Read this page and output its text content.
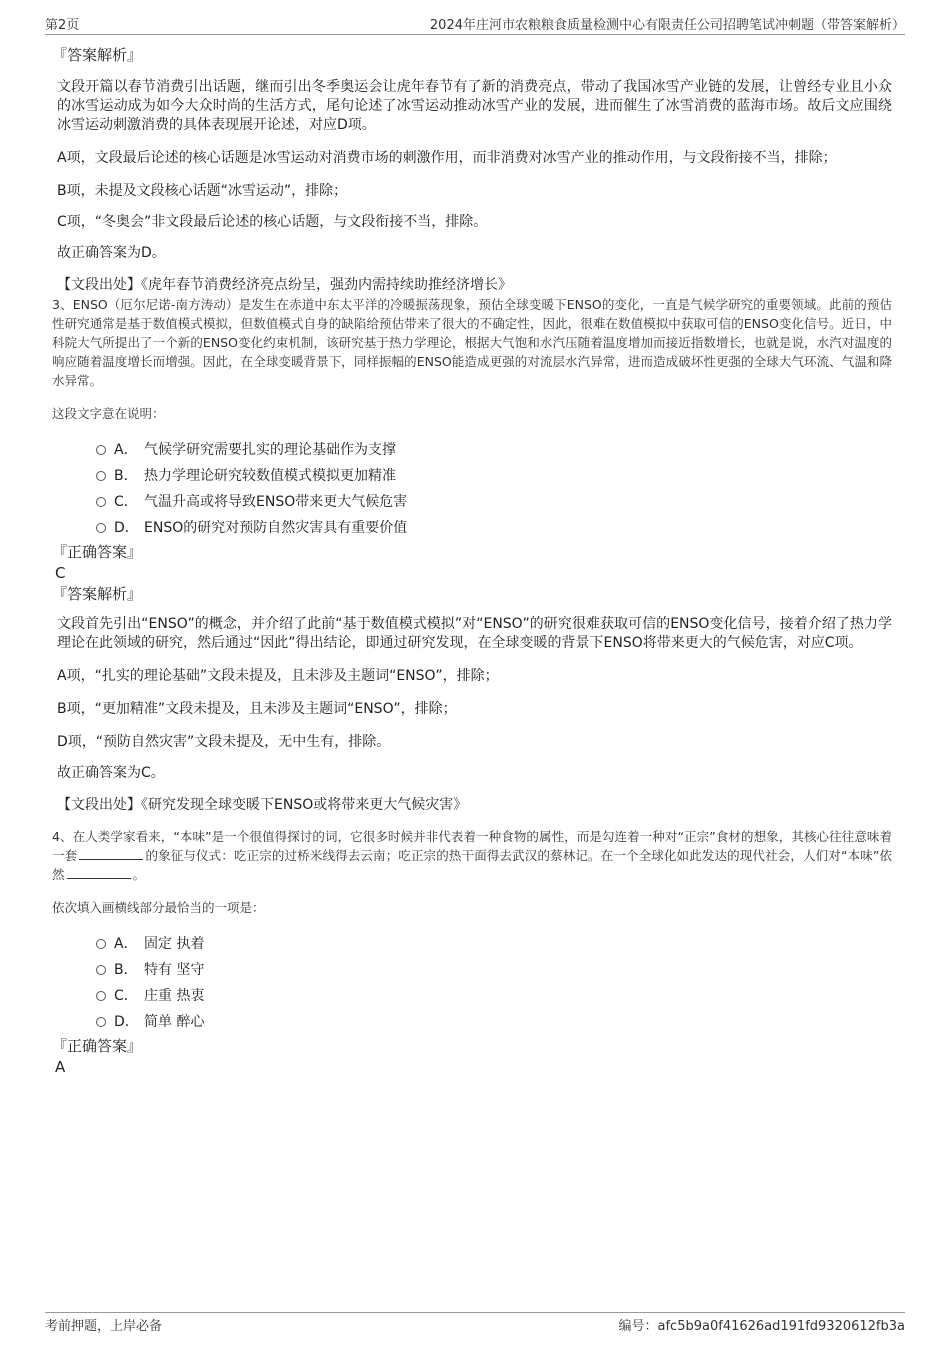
第2页	2024年庄河市农粮粮食质量检测中心有限责任公司招聘笔试冲刺题（带答案解析）

『答案解析』

文段开篇以春节消费引出话题，继而引出冬季奥运会让虎年春节有了新的消费亮点，带动了我国冰雪产业链的发展，让曾经专业且小众的冰雪运动成为如今大众时尚的生活方式，尾句论述了冰雪运动推动冰雪产业的发展，进而催生了冰雪消费的蓝海市场。故后文应围绕冰雪运动刺激消费的具体表现展开论述，对应D项。

A项，文段最后论述的核心话题是冰雪运动对消费市场的刺激作用，而非消费对冰雪产业的推动作用，与文段衔接不当，排除；

B项，未提及文段核心话题“冰雪运动”，排除；

C项，“冬奥会”非文段最后论述的核心话题，与文段衔接不当，排除。

故正确答案为D。

【文段出处】《虎年春节消费经济亮点纷呈，强劲内需持续助推经济增长》

3、ENSO（厄尔尼诺-南方涛动）是发生在赤道中东太平洋的冷暖振荡现象，预估全球变暖下ENSO的变化，一直是气候学研究的重要领域。此前的预估性研究通常是基于数值模式模拟，但数值模式自身的缺陷给预估带来了很大的不确定性，因此，很难在数值模拟中获取可信的ENSO变化信号。近日，中科院大气所提出了一个新的ENSO变化约束机制，该研究基于热力学理论，根据大气饱和水汽压随着温度增加而接近指数增长，也就是说，水汽对温度的响应随着温度增长而增强。因此，在全球变暖背景下，同样振幅的ENSO能造成更强的对流层水汽异常，进而造成破坏性更强的全球大气环流、气温和降水异常。

这段文字意在说明：

A． 气候学研究需要扎实的理论基础作为支撑
B． 热力学理论研究较数值模式模拟更加精准
C． 气温升高或将导致ENSO带来更大气候危害
D． ENSO的研究对预防自然灾害具有重要价值

『正确答案』

C

『答案解析』

文段首先引出“ENSO”的概念，并介绍了此前“基于数值模式模拟”对“ENSO”的研究很难获取可信的ENSO变化信号，接着介绍了热力学理论在此领域的研究，然后通过“因此”得出结论，即通过研究发现，在全球变暖的背景下ENSO将带来更大的气候危害，对应C项。

A项，“扎实的理论基础”文段未提及，且未涉及主题词“ENSO”，排除；

B项，“更加精准”文段未提及，且未涉及主题词“ENSO”，排除；

D项，“预防自然灾害”文段未提及，无中生有，排除。

故正确答案为C。

【文段出处】《研究发现全球变暖下ENSO或将带来更大气候灾害》

4、在人类学家看来，“本味”是一个很值得探讨的词，它很多时候并非代表着一种食物的属性，而是勾连着一种对“正宗”食材的想象，其核心往往意味着一套	的象征与仪式：吃正宗的过桥米线得去云南；吃正宗的热干面得去武汉的蔡林记。在一个全球化如此发达的现代社会，人们对“本味”依然	。

依次填入画横线部分最恰当的一项是：

A． 固定 执着
B． 特有 坚守
C． 庄重 热衷
D． 简单 醉心

『正确答案』

A

考前押题，上岸必备	编号：afc5b9a0f41626ad191fd9320612fb3a
